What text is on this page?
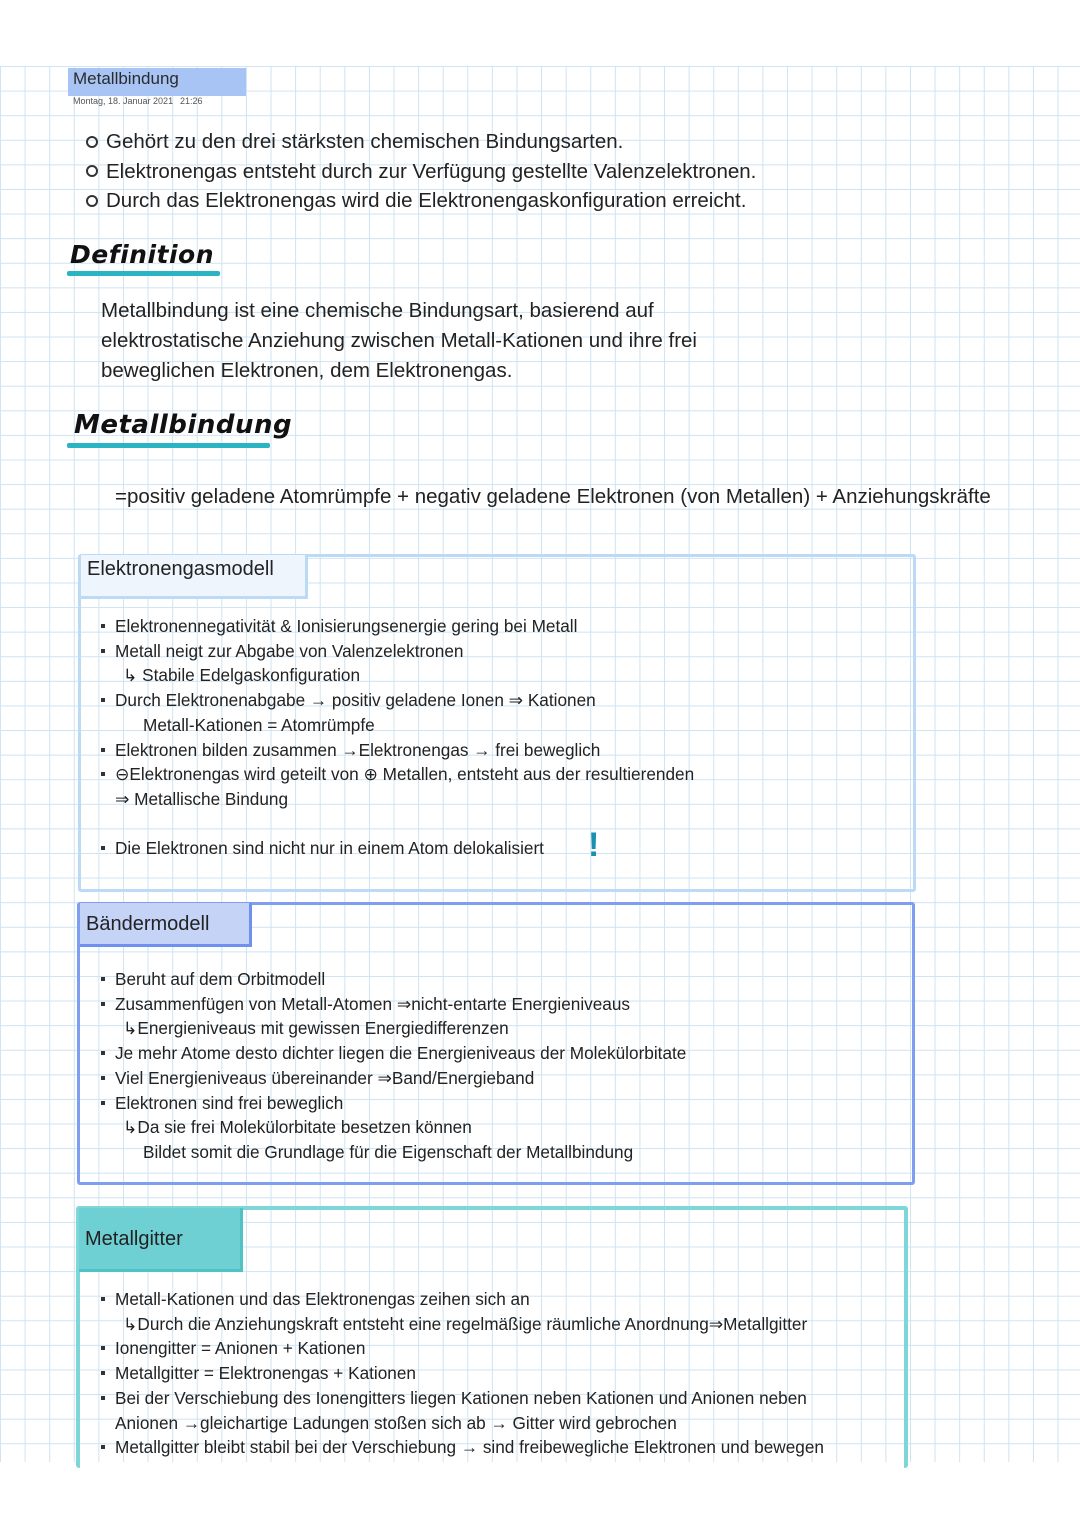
Metallbindung
Montag, 18. Januar 2021 21:26
Gehört zu den drei stärksten chemischen Bindungsarten.
Elektronengas entsteht durch zur Verfügung gestellte Valenzelektronen.
Durch das Elektronengas wird die Elektronengaskonfiguration erreicht.
Definition
Metallbindung ist eine chemische Bindungsart, basierend auf
elektrostatische Anziehung zwischen Metall-Kationen und ihre frei
beweglichen Elektronen, dem Elektronengas.
Metallbindung
=positiv geladene Atomrümpfe + negativ geladene Elektronen (von Metallen) + Anziehungskräfte
Elektronengasmodell
Elektronennegativität & Ionisierungsenergie gering bei Metall
Metall neigt zur Abgabe von Valenzelektronen
↳ Stabile Edelgaskonfiguration
Durch Elektronenabgabe → positiv geladene Ionen ⇒ Kationen
Metall-Kationen = Atomrümpfe
Elektronen bilden zusammen →Elektronengas → frei beweglich
⊖Elektronengas wird geteilt von ⊕ Metallen, entsteht aus der resultierenden
⇒ Metallische Bindung
Die Elektronen sind nicht nur in einem Atom delokalisiert	!
Bändermodell
Beruht auf dem Orbitmodell
Zusammenfügen von Metall-Atomen ⇒nicht-entarte Energieniveaus
↳Energieniveaus mit gewissen Energiedifferenzen
Je mehr Atome desto dichter liegen die Energieniveaus der Molekülorbitate
Viel Energieniveaus übereinander ⇒Band/Energieband
Elektronen sind frei beweglich
↳Da sie frei Molekülorbitate besetzen können
Bildet somit die Grundlage für die Eigenschaft der Metallbindung
Metallgitter
Metall-Kationen und das Elektronengas zeihen sich an
↳Durch die Anziehungskraft entsteht eine regelmäßige räumliche Anordnung⇒Metallgitter
Ionengitter = Anionen + Kationen
Metallgitter = Elektronengas + Kationen
Bei der Verschiebung des Ionengitters liegen Kationen neben Kationen und Anionen neben
Anionen →gleichartige Ladungen stoßen sich ab → Gitter wird gebrochen
Metallgitter bleibt stabil bei der Verschiebung → sind freibewegliche Elektronen und bewegen
